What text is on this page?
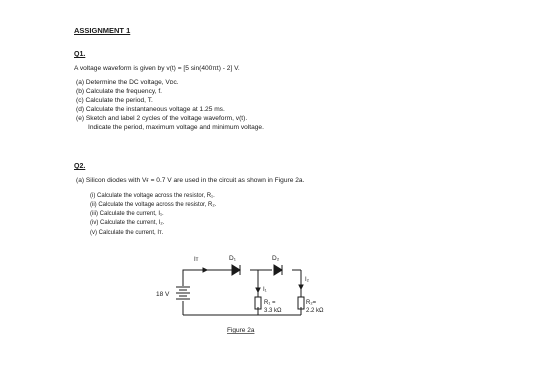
ASSIGNMENT 1
Q1.
A voltage waveform is given by v(t) = [5 sin(400πt) - 2] V.
(a) Determine the DC voltage, Vᴅc.
(b) Calculate the frequency, f.
(c) Calculate the period, T.
(d) Calculate the instantaneous voltage at 1.25 ms.
(e) Sketch and label 2 cycles of the voltage waveform, v(t).
Indicate the period, maximum voltage and minimum voltage.
Q2.
(a) Silicon diodes with Vғ = 0.7 V are used in the circuit as shown in Figure 2a.
(i) Calculate the voltage across the resistor, R₁.
(ii) Calculate the voltage across the resistor, R₂.
(iii) Calculate the current, I₁.
(iv) Calculate the current, I₂.
(v) Calculate the current, Iᴛ.
D₁	D₂
Iᴛ
I₁
I₂
R₁ =
3.3 kΩ
R₂=
2.2 kΩ
18 V
Figure 2a
